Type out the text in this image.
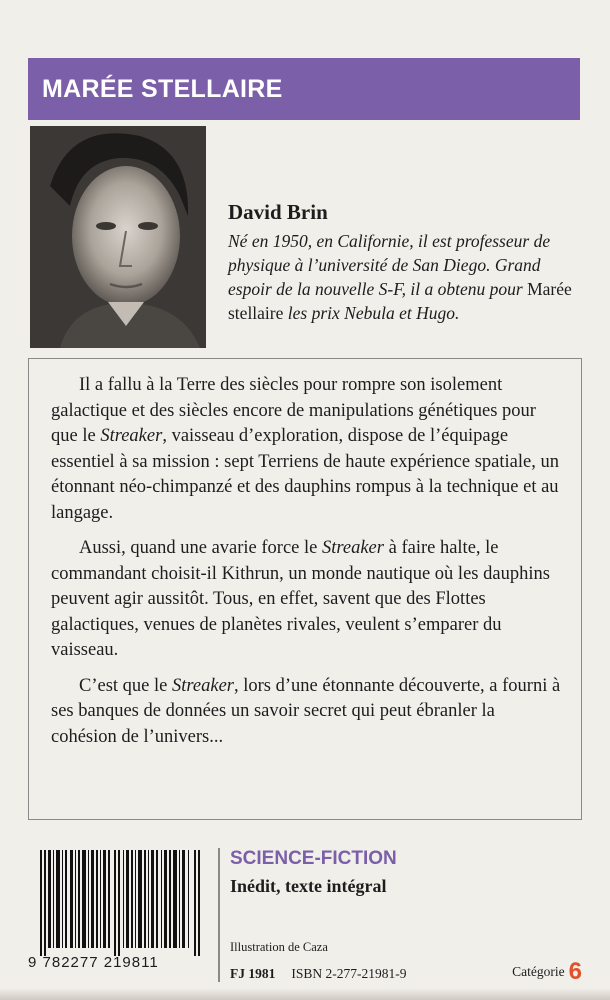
MARÉE STELLAIRE
David Brin
Né en 1950, en Californie, il est professeur de physique à l’université de San Diego. Grand espoir de la nouvelle S-F, il a obtenu pour Marée stellaire les prix Nebula et Hugo.

Il a fallu à la Terre des siècles pour rompre son isolement galactique et des siècles encore de manipulations génétiques pour que le Streaker, vaisseau d’exploration, dispose de l’équipage essentiel à sa mission : sept Terriens de haute expérience spatiale, un étonnant néo-chimpanzé et des dauphins rompus à la technique et au langage.

Aussi, quand une avarie force le Streaker à faire halte, le commandant choisit-il Kithrun, un monde nautique où les dauphins peuvent agir aussitôt. Tous, en effet, savent que des Flottes galactiques, venues de planètes rivales, veulent s’emparer du vaisseau.

C’est que le Streaker, lors d’une étonnante découverte, a fourni à ses banques de données un savoir secret qui peut ébranler la cohésion de l’univers...

9 782277 219811
SCIENCE-FICTION
Inédit, texte intégral
Illustration de Caza
FJ 1981 ISBN 2-277-21981-9	Catégorie 6
